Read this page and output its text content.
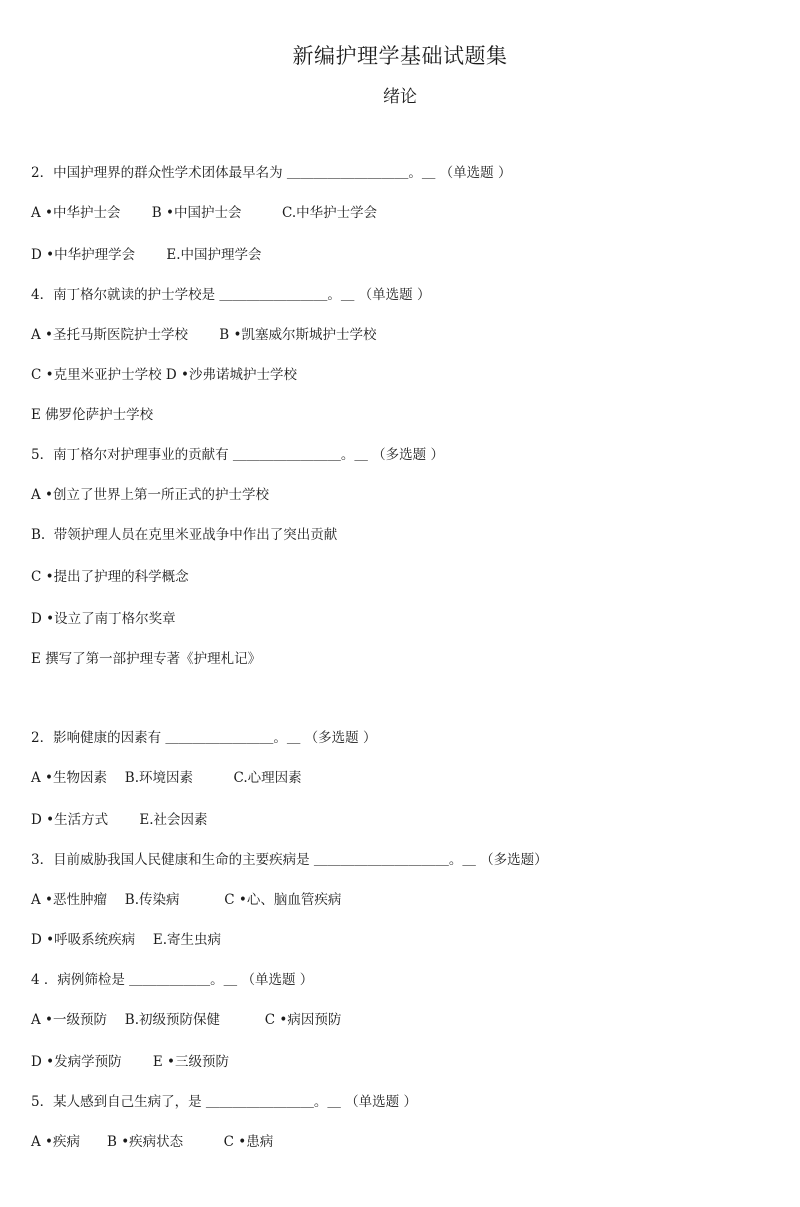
新编护理学基础试题集
绪论
2．中国护理界的群众性学术团体最早名为 ＿＿＿＿＿＿＿＿＿。＿ （单选题 ）
A •中华护士会　　 B •中国护士会　　　C.中华护士学会
D •中华护理学会　　 E.中国护理学会
4．南丁格尔就读的护士学校是 ＿＿＿＿＿＿＿＿。＿ （单选题 ）
A •圣托马斯医院护士学校　　 B •凯塞威尔斯城护士学校
C •克里米亚护士学校 D •沙弗诺城护士学校
E 佛罗伦萨护士学校
5．南丁格尔对护理事业的贡献有 ＿＿＿＿＿＿＿＿。＿ （多选题 ）
A •创立了世界上第一所正式的护士学校
B.  带领护理人员在克里米亚战争中作出了突出贡献
C •提出了护理的科学概念
D •设立了南丁格尔奖章
E 撰写了第一部护理专著《护理札记》
2．影响健康的因素有 ＿＿＿＿＿＿＿＿。＿ （多选题 ）
A •生物因素　 B.环境因素　　　C.心理因素
D •生活方式　　 E.社会因素
3．目前威胁我国人民健康和生命的主要疾病是 ＿＿＿＿＿＿＿＿＿＿。＿ （多选题）
A •恶性肿瘤　 B.传染病　　　 C •心、脑血管疾病
D •呼吸系统疾病　 E.寄生虫病
4 ．病例筛检是 ＿＿＿＿＿＿。＿ （单选题 ）
A •一级预防　 B.初级预防保健　　　 C •病因预防
D •发病学预防　　 E •三级预防
5．某人感到自己生病了，是 ＿＿＿＿＿＿＿＿。＿ （单选题 ）
A •疾病　　B •疾病状态　　　C •患病
